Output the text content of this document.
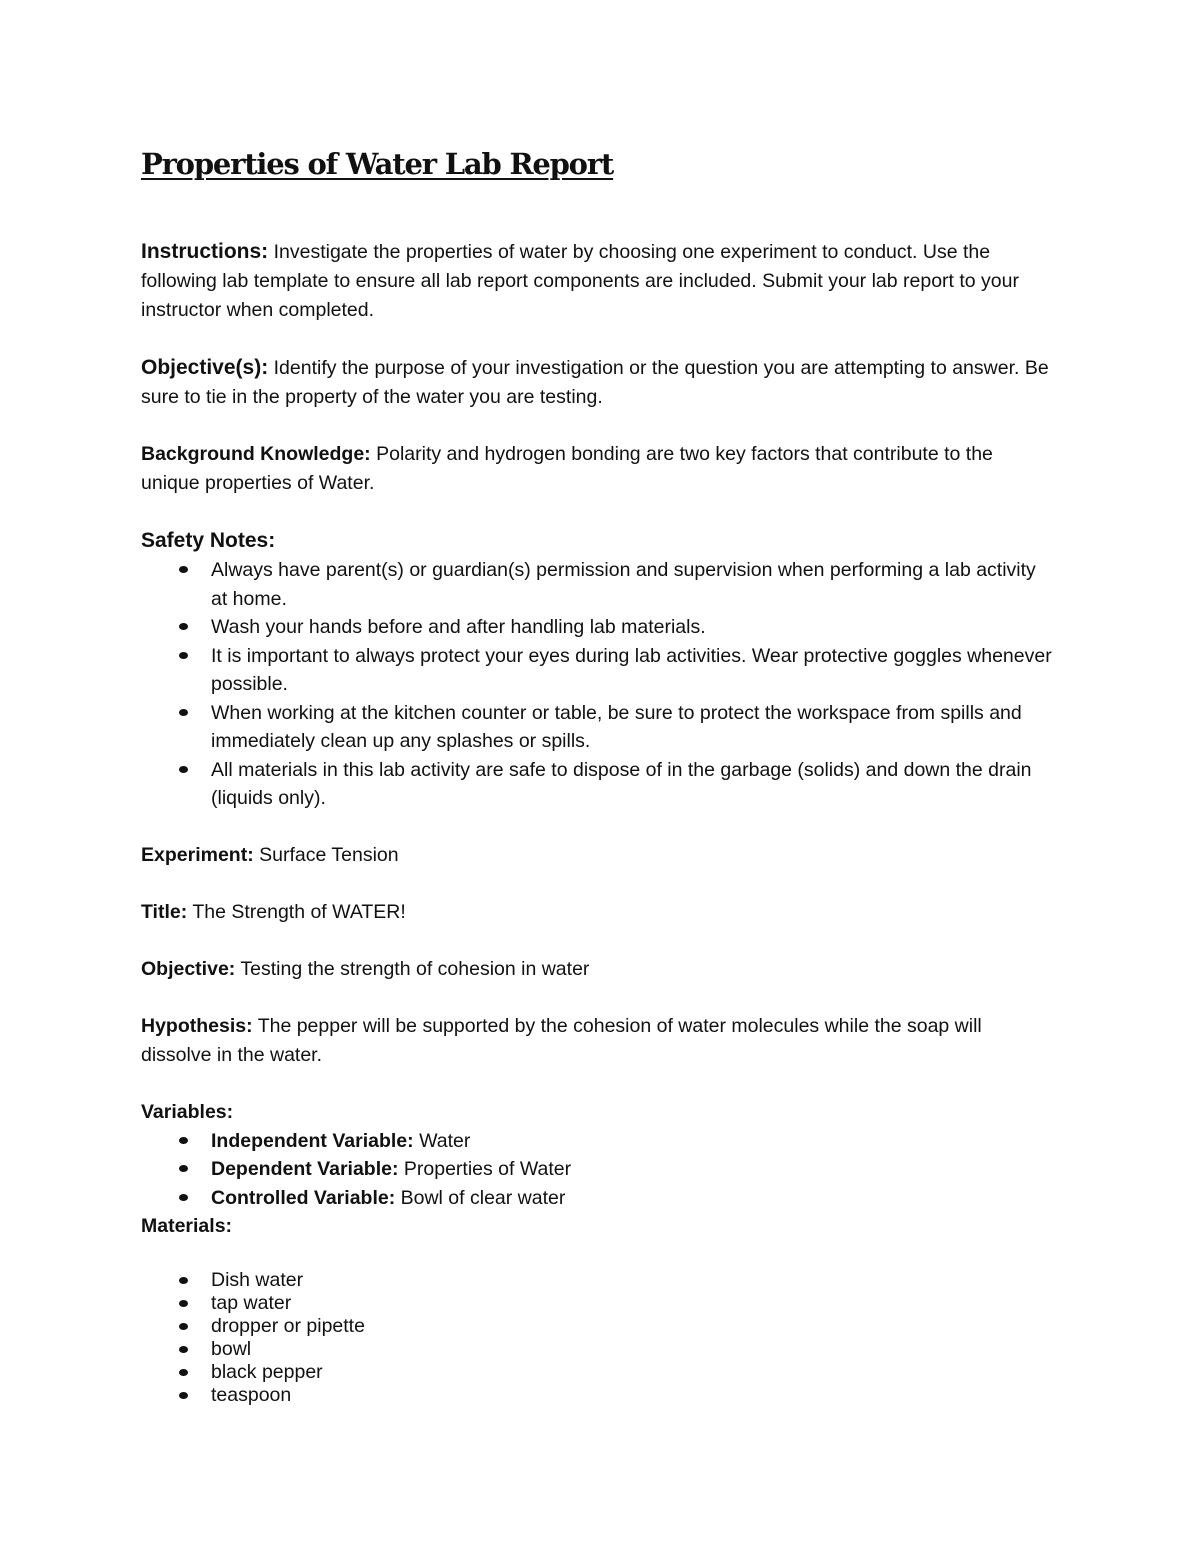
Properties of Water Lab Report

Instructions: Investigate the properties of water by choosing one experiment to conduct. Use the following lab template to ensure all lab report components are included. Submit your lab report to your instructor when completed.

Objective(s): Identify the purpose of your investigation or the question you are attempting to answer. Be sure to tie in the property of the water you are testing.

Background Knowledge: Polarity and hydrogen bonding are two key factors that contribute to the unique properties of Water.

Safety Notes:

Always have parent(s) or guardian(s) permission and supervision when performing a lab activity at home.
Wash your hands before and after handling lab materials.
It is important to always protect your eyes during lab activities. Wear protective goggles whenever possible.
When working at the kitchen counter or table, be sure to protect the workspace from spills and immediately clean up any splashes or spills.
All materials in this lab activity are safe to dispose of in the garbage (solids) and down the drain (liquids only).

Experiment: Surface Tension

Title: The Strength of WATER!

Objective: Testing the strength of cohesion in water

Hypothesis: The pepper will be supported by the cohesion of water molecules while the soap will dissolve in the water.

Variables:

Independent Variable: Water
Dependent Variable: Properties of Water
Controlled Variable: Bowl of clear water

Materials:

Dish water
tap water
dropper or pipette
bowl
black pepper
teaspoon
